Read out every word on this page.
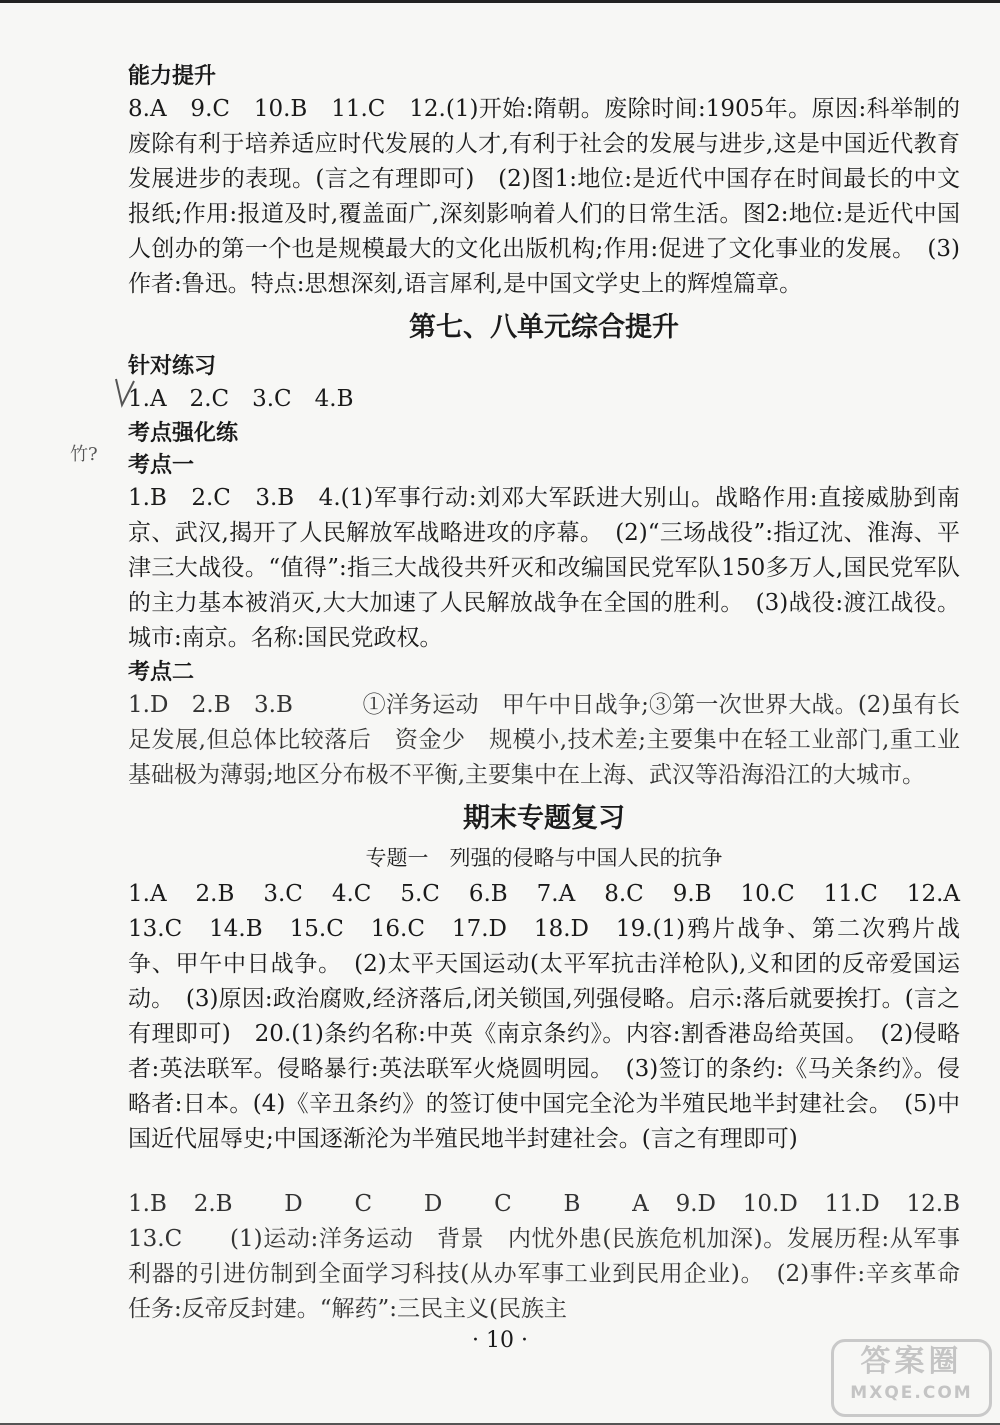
能力提升

8.A　9.C　10.B　11.C　12.(1)开始:隋朝。废除时间:1905年。原因:科举制的废除有利于培养适应时代发展的人才,有利于社会的发展与进步,这是中国近代教育发展进步的表现。(言之有理即可)　(2)图1:地位:是近代中国存在时间最长的中文报纸;作用:报道及时,覆盖面广,深刻影响着人们的日常生活。图2:地位:是近代中国人创办的第一个也是规模最大的文化出版机构;作用:促进了文化事业的发展。　(3)作者:鲁迅。特点:思想深刻,语言犀利,是中国文学史上的辉煌篇章。

第七、八单元综合提升
针对练习

1.A　2.C　3.C　4.B

考点强化练
考点一

1.B　2.C　3.B　4.(1)军事行动:刘邓大军跃进大别山。战略作用:直接威胁到南京、武汉,揭开了人民解放军战略进攻的序幕。　(2)“三场战役”:指辽沈、淮海、平津三大战役。“值得”:指三大战役共歼灭和改编国民党军队150多万人,国民党军队的主力基本被消灭,大大加速了人民解放战争在全国的胜利。　(3)战役:渡江战役。城市:南京。名称:国民党政权。

考点二

1.D　2.B　3.B　　　①洋务运动　甲午中日战争;③第一次世界大战。(2)虽有长足发展,但总体比较落后　资金少　规模小,技术差;主要集中在轻工业部门,重工业基础极为薄弱;地区分布极不平衡,主要集中在上海、武汉等沿海沿江的大城市。

期末专题复习
专题一　列强的侵略与中国人民的抗争

1.A　2.B　3.C　4.C　5.C　6.B　7.A　8.C　9.B　10.C　11.C　12.A　13.C　14.B　15.C　16.C　17.D　18.D　19.(1)鸦片战争、第二次鸦片战争、甲午中日战争。　(2)太平天国运动(太平军抗击洋枪队),义和团的反帝爱国运动。　(3)原因:政治腐败,经济落后,闭关锁国,列强侵略。启示:落后就要挨打。(言之有理即可)　20.(1)条约名称:中英《南京条约》。内容:割香港岛给英国。　(2)侵略者:英法联军。侵略暴行:英法联军火烧圆明园。　(3)签订的条约:《马关条约》。侵略者:日本。(4)《辛丑条约》的签订使中国完全沦为半殖民地半封建社会。　(5)中国近代屈辱史;中国逐渐沦为半殖民地半封建社会。(言之有理即可)

1.B　2.B　　D　　C　　D　　C　　B　　A　9.D　10.D　11.D　12.B　13.C　　(1)运动:洋务运动　背景　内忧外患(民族危机加深)。发展历程:从军事利器的引进仿制到全面学习科技(从办军事工业到民用企业)。　(2)事件:辛亥革命　任务:反帝反封建。“解药”:三民主义(民族主

竹?
· 10 ·
答案圈
MXQE.COM
